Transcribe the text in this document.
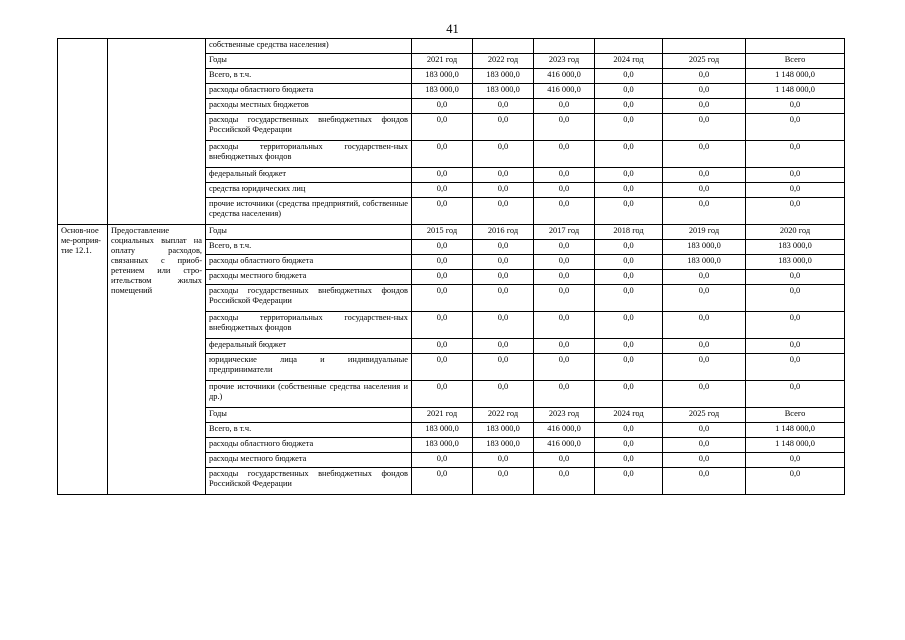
41
		собственные средства населения)						
		Годы	2021 год	2022 год	2023 год	2024 год	2025 год	Всего
		Всего, в т.ч.	183 000,0	183 000,0	416 000,0	0,0	0,0	1 148 000,0
		расходы областного бюджета	183 000,0	183 000,0	416 000,0	0,0	0,0	1 148 000,0
		расходы местных бюджетов	0,0	0,0	0,0	0,0	0,0	0,0
		расходы государственных внебюджетных фондов Российской Федерации	0,0	0,0	0,0	0,0	0,0	0,0
		расходы территориальных государствен-ных внебюджетных фондов	0,0	0,0	0,0	0,0	0,0	0,0
		федеральный бюджет	0,0	0,0	0,0	0,0	0,0	0,0
		средства юридических лиц	0,0	0,0	0,0	0,0	0,0	0,0
		прочие источники (средства предприятий, собственные средства населения)	0,0	0,0	0,0	0,0	0,0	0,0
Основ-ное ме-роприя-тие 12.1.	Предоставление социальных выплат на оплату расходов, связанных с приоб-ретением или стро-ительством жилых помещений	Годы	2015 год	2016 год	2017 год	2018 год	2019 год	2020 год
		Всего, в т.ч.	0,0	0,0	0,0	0,0	183 000,0	183 000,0
		расходы областного бюджета	0,0	0,0	0,0	0,0	183 000,0	183 000,0
		расходы местного бюджета	0,0	0,0	0,0	0,0	0,0	0,0
		расходы государственных внебюджетных фондов Российской Федерации	0,0	0,0	0,0	0,0	0,0	0,0
		расходы территориальных государствен-ных внебюджетных фондов	0,0	0,0	0,0	0,0	0,0	0,0
		федеральный бюджет	0,0	0,0	0,0	0,0	0,0	0,0
		юридические лица и индивидуальные предприниматели	0,0	0,0	0,0	0,0	0,0	0,0
		прочие источники (собственные средства населения и др.)	0,0	0,0	0,0	0,0	0,0	0,0
		Годы	2021 год	2022 год	2023 год	2024 год	2025 год	Всего
		Всего, в т.ч.	183 000,0	183 000,0	416 000,0	0,0	0,0	1 148 000,0
		расходы областного бюджета	183 000,0	183 000,0	416 000,0	0,0	0,0	1 148 000,0
		расходы местного бюджета	0,0	0,0	0,0	0,0	0,0	0,0
		расходы государственных внебюджетных фондов Российской Федерации	0,0	0,0	0,0	0,0	0,0	0,0
